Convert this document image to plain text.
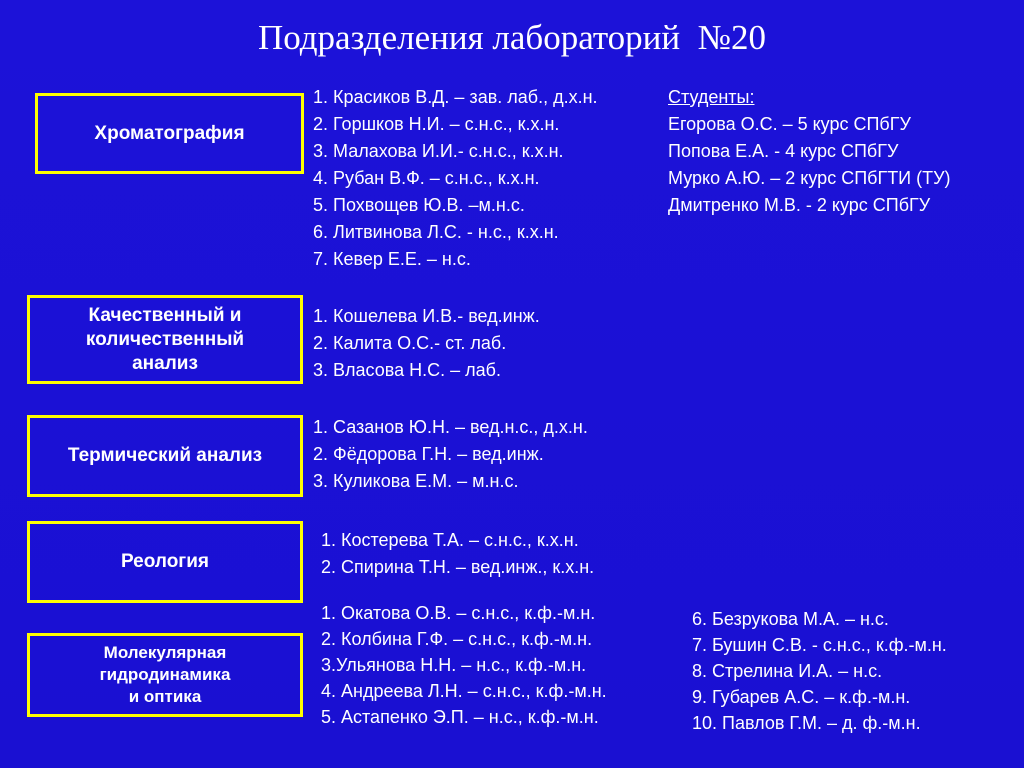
Подразделения лабораторий  №20
Хроматография
1. Красиков В.Д. – зав. лаб., д.х.н.
2. Горшков Н.И. – с.н.с., к.х.н.
3. Малахова И.И.- с.н.с., к.х.н.
4. Рубан В.Ф. – с.н.с., к.х.н.
5. Похвощев Ю.В. –м.н.с.
6. Литвинова Л.С. - н.с., к.х.н.
7. Кевер Е.Е. – н.с.
Студенты:
Егорова О.С. – 5 курс СПбГУ
Попова Е.А. - 4 курс СПбГУ
Мурко А.Ю. – 2 курс СПбГТИ (ТУ)
Дмитренко М.В. - 2 курс СПбГУ
Качественный и
количественный
анализ
1. Кошелева И.В.- вед.инж.
2. Калита О.С.- ст. лаб.
3. Власова Н.С. – лаб.
Термический анализ
1. Сазанов Ю.Н. – вед.н.с., д.х.н.
2. Фёдорова Г.Н. – вед.инж.
3. Куликова Е.М. – м.н.с.
Реология
1. Костерева Т.А. – с.н.с., к.х.н.
2. Спирина Т.Н. – вед.инж., к.х.н.
Молекулярная
гидродинамика
и оптика
1. Окатова О.В. – с.н.с., к.ф.-м.н.
2. Колбина Г.Ф. – с.н.с., к.ф.-м.н.
3.Ульянова Н.Н. – н.с., к.ф.-м.н.
4. Андреева Л.Н. – с.н.с., к.ф.-м.н.
5. Астапенко Э.П. – н.с., к.ф.-м.н.
6. Безрукова М.А. – н.с.
7. Бушин С.В. - с.н.с., к.ф.-м.н.
8. Стрелина И.А. – н.с.
9. Губарев А.С. – к.ф.-м.н.
10. Павлов Г.М. – д. ф.-м.н.
